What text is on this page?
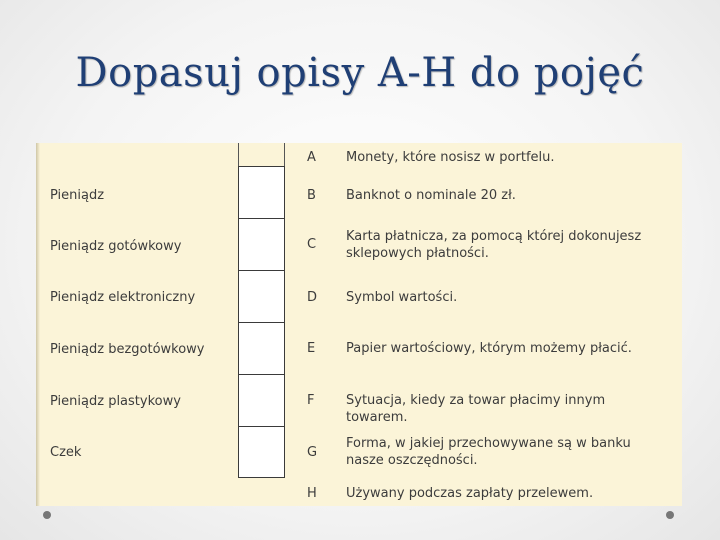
Dopasuj opisy A-H do pojęć
Pieniądz
Pieniądz gotówkowy
Pieniądz elektroniczny
Pieniądz bezgotówkowy
Pieniądz plastykowy
Czek
A Monety, które nosisz w portfelu.
B Banknot o nominale 20 zł.
C
Karta płatnicza, za pomocą której dokonujesz sklepowych płatności.
D Symbol wartości.
E Papier wartościowy, którym możemy płacić.
F Sytuacja, kiedy za towar płacimy innym towarem.
G
Forma, w jakiej przechowywane są w banku nasze oszczędności.
H Używany podczas zapłaty przelewem.
